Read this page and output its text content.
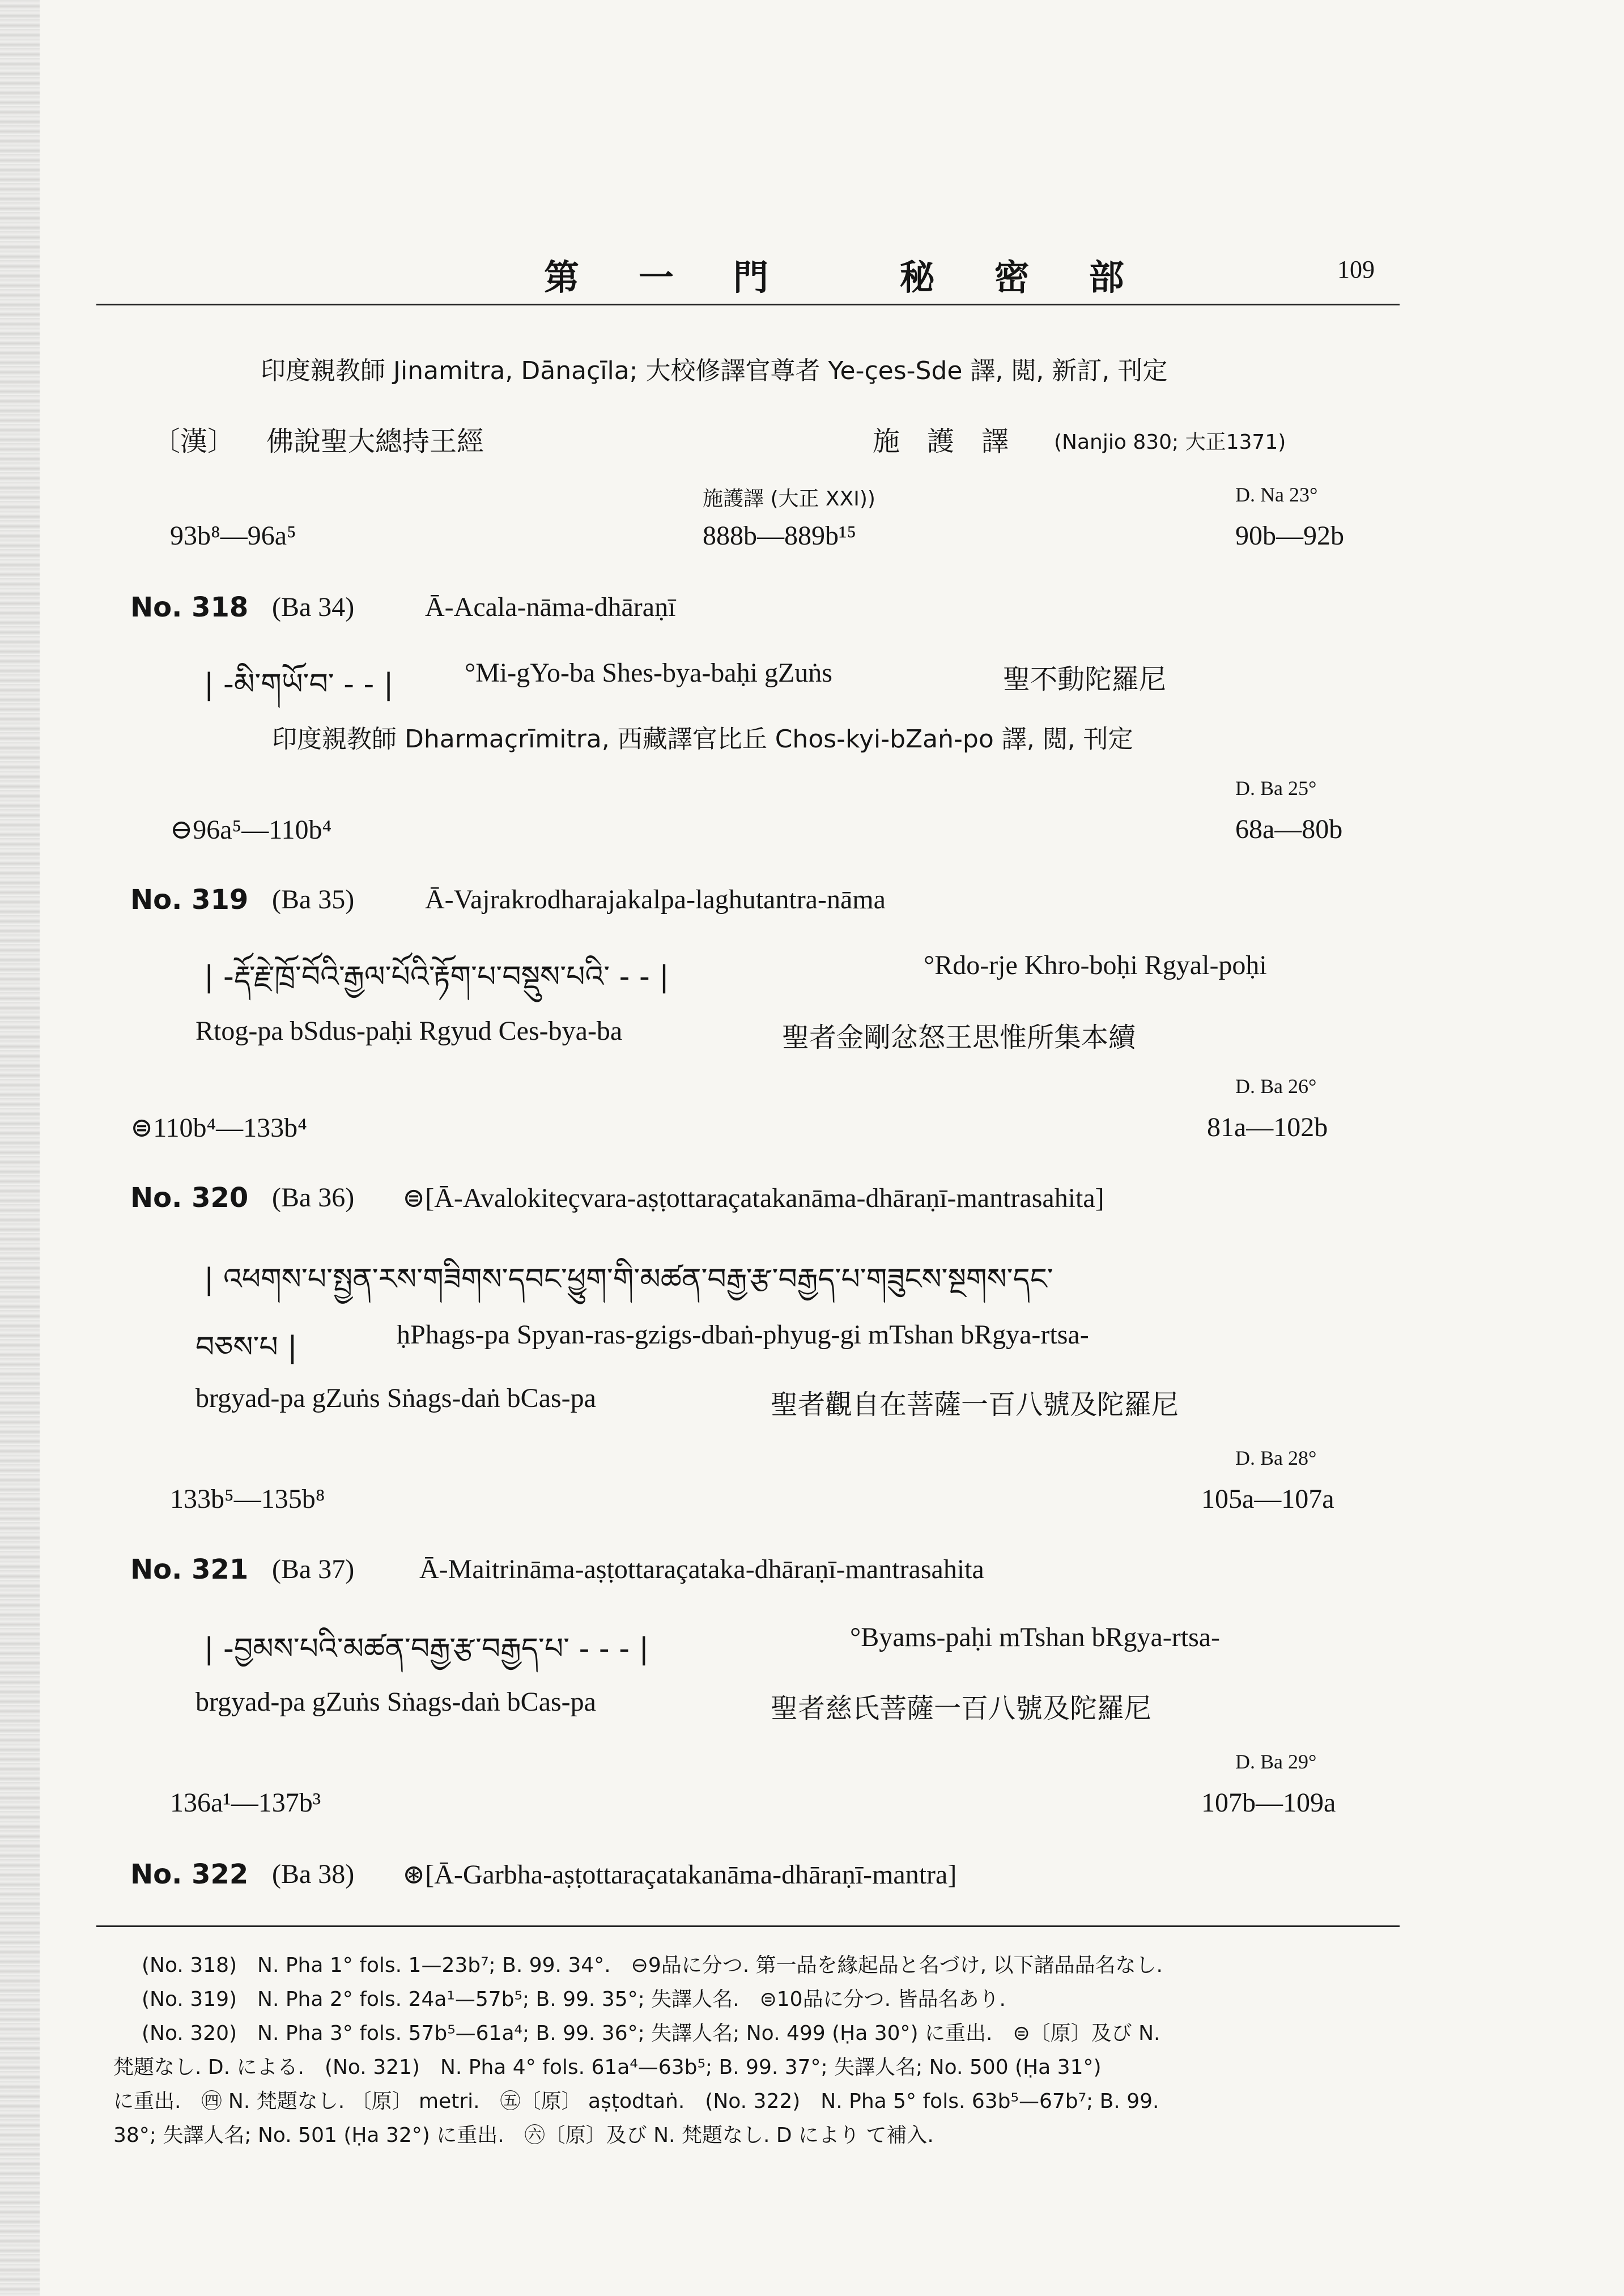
第一門 秘密部	109
印度親教師 Jinamitra, Dānaçīla; 大校修譯官尊者 Ye-çes-Sde 譯, 閲, 新訂, 刊定
〔漢〕 佛說聖大總持王經	施　護　譯 (Nanjio 830; 大正1371)
施護譯 (大正 XXI))	D. Na 23°
93b⁸—96a⁵	888b—889b¹⁵	90b—92b
No. 318 (Ba 34)	Ā-Acala-nāma-dhāraṇī
| -མི་གཡོ་བ་ - - |	°Mi-gYo-ba Shes-bya-baḥi gZuṅs	聖不動陀羅尼
印度親教師 Dharmaçrīmitra, 西藏譯官比丘 Chos-kyi-bZaṅ-po 譯, 閲, 刊定
D. Ba 25°
⊖96a⁵—110b⁴	68a—80b
No. 319 (Ba 35)	Ā-Vajrakrodharajakalpa-laghutantra-nāma
| -རྡོ་རྗེ་ཁྲོ་བོའི་རྒྱལ་པོའི་རྟོག་པ་བསྡུས་པའི་ - - |	°Rdo-rje Khro-boḥi Rgyal-poḥi
Rtog-pa bSdus-paḥi Rgyud Ces-bya-ba	聖者金剛忿怒王思惟所集本續
D. Ba 26°
⊜110b⁴—133b⁴	81a—102b
No. 320 (Ba 36) ⊜[Ā-Avalokiteçvara-aṣṭottaraçatakanāma-dhāraṇī-mantrasahita]
| འཕགས་པ་སྤྱན་རས་གཟིགས་དབང་ཕྱུག་གི་མཚན་བརྒྱ་རྩ་བརྒྱད་པ་གཟུངས་སྔགས་དང་
བཅས་པ |	ḥPhags-pa Spyan-ras-gzigs-dbaṅ-phyug-gi mTshan bRgya-rtsa-
brgyad-pa gZuṅs Sṅags-daṅ bCas-pa	聖者觀自在菩薩一百八號及陀羅尼
D. Ba 28°
133b⁵—135b⁸	105a—107a
No. 321 (Ba 37) Ā-Maitrināma-aṣṭottaraçataka-dhāraṇī-mantrasahita
| -བྱམས་པའི་མཚན་བརྒྱ་རྩ་བརྒྱད་པ་ - - - |	°Byams-paḥi mTshan bRgya-rtsa-
brgyad-pa gZuṅs Sṅags-daṅ bCas-pa	聖者慈氏菩薩一百八號及陀羅尼
D. Ba 29°
136a¹—137b³	107b—109a
No. 322 (Ba 38) ⊛[Ā-Garbha-aṣṭottaraçatakanāma-dhāraṇī-mantra]
(No. 318)　N. Pha 1° fols. 1—23b⁷; B. 99. 34°.　⊖9品に分つ. 第一品を緣起品と名づけ, 以下諸品品名なし.
(No. 319)　N. Pha 2° fols. 24a¹—57b⁵; B. 99. 35°; 失譯人名.　⊜10品に分つ. 皆品名あり.
(No. 320)　N. Pha 3° fols. 57b⁵—61a⁴; B. 99. 36°; 失譯人名; No. 499 (Ḥa 30°) に重出.　⊜〔原〕及び N.
梵題なし. D. による.　(No. 321)　N. Pha 4° fols. 61a⁴—63b⁵; B. 99. 37°; 失譯人名; No. 500 (Ḥa 31°)
に重出.　㊃ N. 梵題なし. 〔原〕 metri.　㊄〔原〕 aṣṭodtaṅ.　(No. 322)　N. Pha 5° fols. 63b⁵—67b⁷; B. 99.
38°; 失譯人名; No. 501 (Ḥa 32°) に重出.　㊅〔原〕及び N. 梵題なし. D により て補入.
